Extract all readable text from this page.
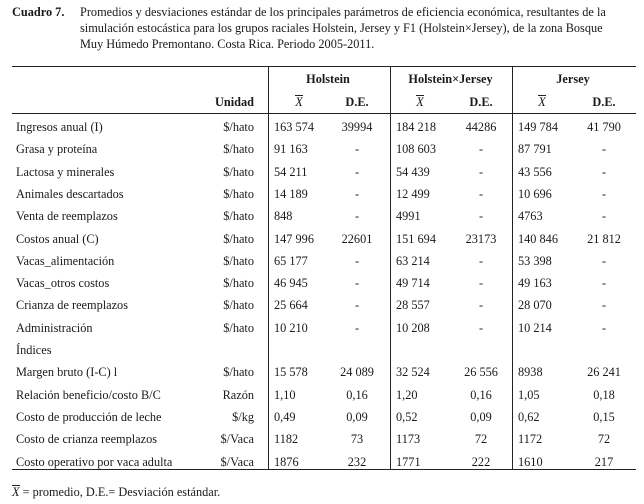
Cuadro 7. Promedios y desviaciones estándar de los principales parámetros de eficiencia económica, resultantes de la
simulación estocástica para los grupos raciales Holstein, Jersey y F1 (Holstein×Jersey), de la zona Bosque
Muy Húmedo Premontano. Costa Rica. Periodo 2005-2011.
Holstein	Holstein×Jersey	Jersey
Unidad	X	D.E.	X	D.E.	X	D.E.
Ingresos anual (I)	$/hato 163 574	39994	184 218	44286	149 784	41 790
Grasa y proteína	$/hato 91 163	-	108 603	-	87 791	-
Lactosa y minerales	$/hato 54 211	-	54 439	-	43 556	-
Animales descartados	$/hato 14 189	-	12 499	-	10 696	-
Venta de reemplazos	$/hato 848	-	4991	-	4763	-
Costos anual (C)	$/hato 147 996	22601	151 694	23173	140 846	21 812
Vacas_alimentación	$/hato 65 177	-	63 214	-	53 398	-
Vacas_otros costos	$/hato 46 945	-	49 714	-	49 163	-
Crianza de reemplazos	$/hato 25 664	-	28 557	-	28 070	-
Administración	$/hato 10 210	-	10 208	-	10 214	-
Índices
Margen bruto (I-C) l	$/hato 15 578	24 089	32 524	26 556	8938	26 241
Relación beneficio/costo B/C	Razón 1,10	0,16	1,20	0,16	1,05	0,18
Costo de producción de leche	$/kg 0,49	0,09	0,52	0,09	0,62	0,15
Costo de crianza reemplazos	$/Vaca 1182	73	1173	72	1172	72
Costo operativo por vaca adulta	$/Vaca 1876	232	1771	222	1610	217
X = promedio, D.E.= Desviación estándar.
